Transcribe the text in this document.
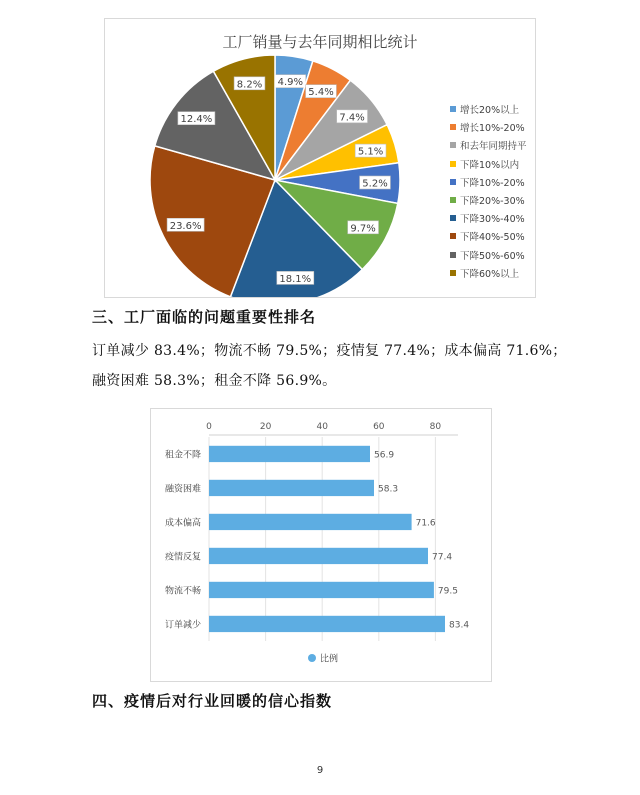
4.9%
5.4%
7.4%
5.1%
5.2%
9.7%
18.1%
23.6%
12.4%
8.2%
工厂销量与去年同期相比统计
增长20%以上
增长10%-20%
和去年同期持平
下降10%以内
下降10%-20%
下降20%-30%
下降30%-40%
下降40%-50%
下降50%-60%
下降60%以上
三、工厂面临的问题重要性排名
订单减少 83.4%；物流不畅 79.5%；疫情复 77.4%；成本偏高 71.6%；
融资困难 58.3%；租金不降 56.9%。
0	20	40	60	80
租金不降	56.9
融资困难	58.3
成本偏高	71.6
疫情反复	77.4
物流不畅	79.5
订单减少	83.4
比例
四、疫情后对行业回暖的信心指数
9
